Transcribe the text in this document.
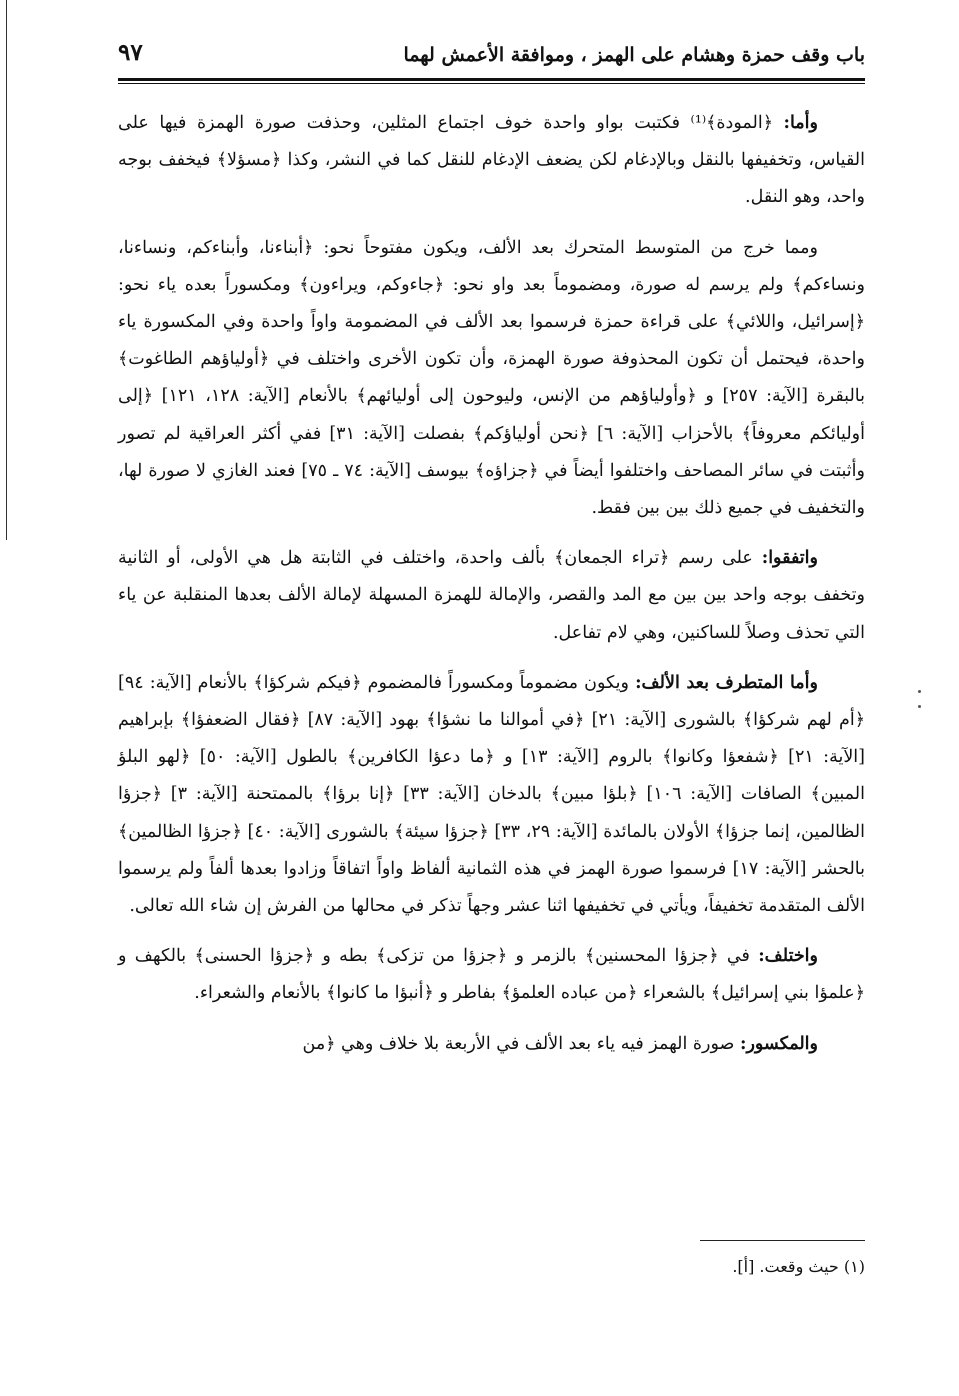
باب وقف حمزة وهشام على الهمز ، وموافقة الأعمش لهما
٩٧

وأما: ﴿المودة﴾⁽¹⁾ فكتبت بواو واحدة خوف اجتماع المثلين، وحذفت صورة الهمزة فيها على القياس، وتخفيفها بالنقل وبالإدغام لكن يضعف الإدغام للنقل كما في النشر، وكذا ﴿مسؤلا﴾ فيخفف بوجه واحد، وهو النقل.

ومما خرج من المتوسط المتحرك بعد الألف، ويكون مفتوحاً نحو: ﴿أبناءنا، وأبناءكم، ونساءنا، ونساءكم﴾ ولم يرسم له صورة، ومضموماً بعد واو نحو: ﴿جاءوكم، ويراءون﴾ ومكسوراً بعده ياء نحو: ﴿إسرائيل، واللائي﴾ على قراءة حمزة فرسموا بعد الألف في المضمومة واواً واحدة وفي المكسورة ياء واحدة، فيحتمل أن تكون المحذوفة صورة الهمزة، وأن تكون الأخرى واختلف في ﴿أولياؤهم الطاغوت﴾ بالبقرة [الآية: ٢٥٧] و ﴿وأولياؤهم من الإنس، وليوحون إلى أوليائهم﴾ بالأنعام [الآية: ١٢٨، ١٢١] ﴿إلى أوليائكم معروفاً﴾ بالأحزاب [الآية: ٦] ﴿نحن أولياؤكم﴾ بفصلت [الآية: ٣١] ففي أكثر العراقية لم تصور وأثبتت في سائر المصاحف واختلفوا أيضاً في ﴿جزاؤه﴾ بيوسف [الآية: ٧٤ ـ ٧٥] فعند الغازي لا صورة لها، والتخفيف في جميع ذلك بين بين فقط.

واتفقوا: على رسم ﴿تراء الجمعان﴾ بألف واحدة، واختلف في الثابتة هل هي الأولى، أو الثانية وتخفف بوجه واحد بين بين مع المد والقصر، والإمالة للهمزة المسهلة لإمالة الألف بعدها المنقلبة عن ياء التي تحذف وصلاً للساكنين، وهي لام تفاعل.

وأما المتطرف بعد الألف: ويكون مضموماً ومكسوراً فالمضموم ﴿فيكم شركؤا﴾ بالأنعام [الآية: ٩٤] ﴿أم لهم شركؤا﴾ بالشورى [الآية: ٢١] ﴿في أموالنا ما نشؤا﴾ بهود [الآية: ٨٧] ﴿فقال الضعفؤا﴾ بإبراهيم [الآية: ٢١] ﴿شفعؤا وكانوا﴾ بالروم [الآية: ١٣] و ﴿ما دعؤا الكافرين﴾ بالطول [الآية: ٥٠] ﴿لهو البلؤ المبين﴾ الصافات [الآية: ١٠٦] ﴿بلؤا مبين﴾ بالدخان [الآية: ٣٣] ﴿إنا برؤا﴾ بالممتحنة [الآية: ٣] ﴿جزؤا الظالمين، إنما جزؤا﴾ الأولان بالمائدة [الآية: ٢٩، ٣٣] ﴿جزؤا سيئة﴾ بالشورى [الآية: ٤٠] ﴿جزؤا الظالمين﴾ بالحشر [الآية: ١٧] فرسموا صورة الهمز في هذه الثمانية ألفاظ واواً اتفاقاً وزادوا بعدها ألفاً ولم يرسموا الألف المتقدمة تخفيفاً، ويأتي في تخفيفها اثنا عشر وجهاً تذكر في محالها من الفرش إن شاء الله تعالى.

واختلف: في ﴿جزؤا المحسنين﴾ بالزمر و ﴿جزؤا من تزكى﴾ بطه و ﴿جزؤا الحسنى﴾ بالكهف و ﴿علمؤا بني إسرائيل﴾ بالشعراء ﴿من عباده العلمؤ﴾ بفاطر و ﴿أنبؤا ما كانوا﴾ بالأنعام والشعراء.

والمكسور: صورة الهمز فيه ياء بعد الألف في الأربعة بلا خلاف وهي ﴿من

(١) حيث وقعت. [أ].
